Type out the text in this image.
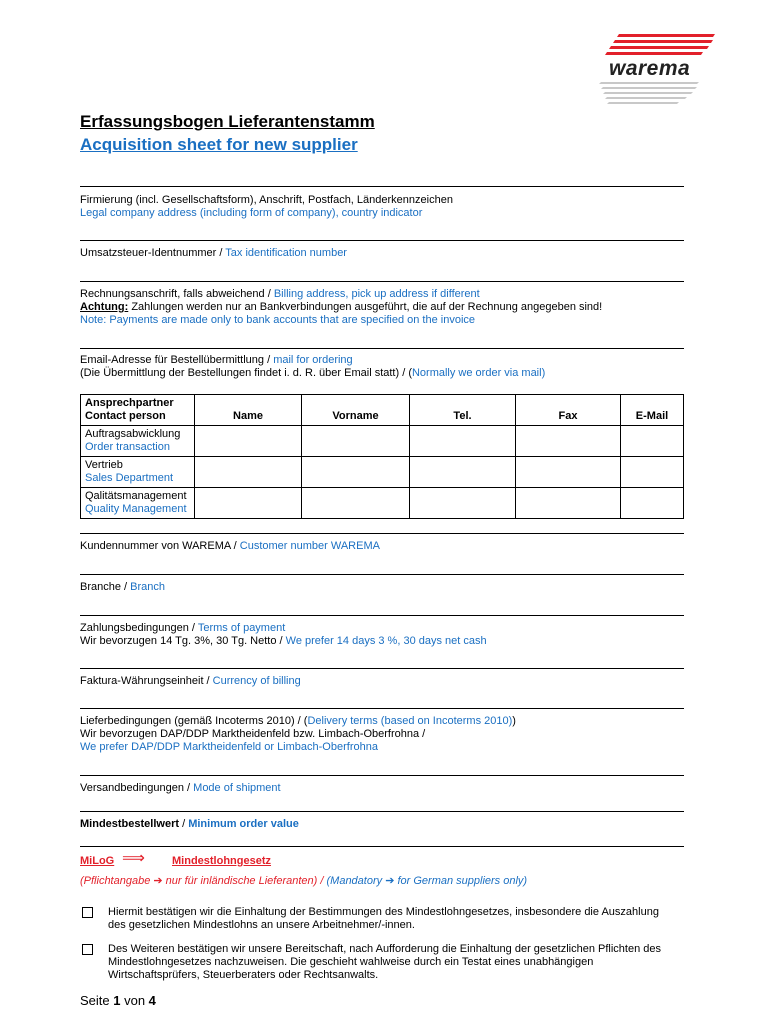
warema
Erfassungsbogen Lieferantenstamm
Acquisition sheet for new supplier
Firmierung (incl. Gesellschaftsform), Anschrift, Postfach, Länderkennzeichen
Legal company address (including form of company), country indicator
Umsatzsteuer-Identnummer / Tax identification number
Rechnungsanschrift, falls abweichend / Billing address, pick up address if different
Achtung: Zahlungen werden nur an Bankverbindungen ausgeführt, die auf der Rechnung angegeben sind!
Note: Payments are made only to bank accounts that are specified on the invoice
Email-Adresse für Bestellübermittlung / mail for ordering
(Die Übermittlung der Bestellungen findet i. d. R. über Email statt) / (Normally we order via mail)
Ansprechpartner
Contact person	Name	Vorname	Tel.	Fax	E-Mail

Auftragsabwicklung
Order transaction					

Vertrieb
Sales Department					

Qalitätsmanagement
Quality Management					

Kundennummer von WAREMA / Customer number WAREMA
Branche / Branch
Zahlungsbedingungen / Terms of payment
Wir bevorzugen 14 Tg. 3%, 30 Tg. Netto / We prefer 14 days 3 %, 30 days net cash
Faktura-Währungseinheit / Currency of billing
Lieferbedingungen (gemäß Incoterms 2010) / (Delivery terms (based on Incoterms 2010))
Wir bevorzugen DAP/DDP Marktheidenfeld bzw. Limbach-Oberfrohna /
We prefer DAP/DDP Marktheidenfeld or Limbach-Oberfrohna
Versandbedingungen / Mode of shipment
Mindestbestellwert / Minimum order value
MiLoG ⟹ Mindestlohngesetz
(Pflichtangabe ➔ nur für inländische Lieferanten) / (Mandatory ➔ for German suppliers only)
Hiermit bestätigen wir die Einhaltung der Bestimmungen des Mindestlohngesetzes, insbesondere die Auszahlung
des gesetzlichen Mindestlohns an unsere Arbeitnehmer/-innen.
Des Weiteren bestätigen wir unsere Bereitschaft, nach Aufforderung die Einhaltung der gesetzlichen Pflichten des
Mindestlohngesetzes nachzuweisen. Die geschieht wahlweise durch ein Testat eines unabhängigen
Wirtschaftsprüfers, Steuerberaters oder Rechtsanwalts.
Seite 1 von 4
